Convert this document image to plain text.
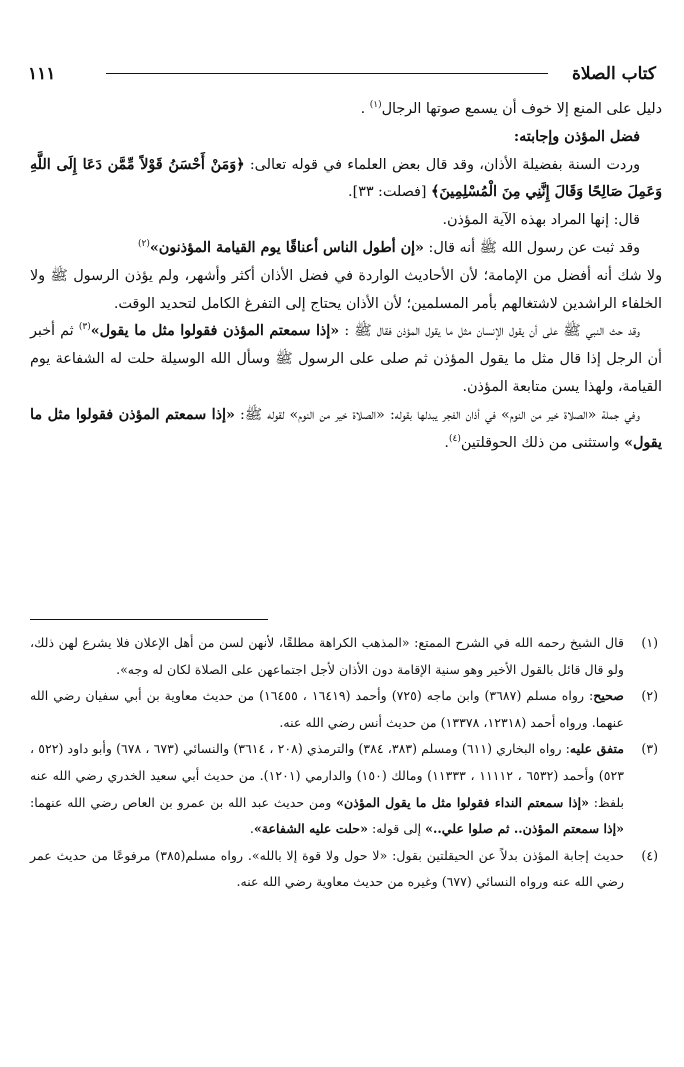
كتاب الصلاة
١١١

دليل على المنع إلا خوف أن يسمع صوتها الرجال$^{(١)}$ .

فضل المؤذن وإجابته:

وردت السنة بفضيلة الأذان، وقد قال بعض العلماء في قوله تعالى: ﴿وَمَنْ أَحْسَنُ قَوْلاً مِّمَّن دَعَا إِلَى اللَّهِ وَعَمِلَ صَالِحًا وَقَالَ إِنَّنِي مِنَ الْمُسْلِمِينَ﴾ [فصلت: ٣٣].

قال: إنها المراد بهذه الآية المؤذن.

وقد ثبت عن رسول الله ﷺ أنه قال: «إن أطول الناس أعناقًا يوم القيامة المؤذنون»$^{(٢)}$

ولا شك أنه أفضل من الإمامة؛ لأن الأحاديث الواردة في فضل الأذان أكثر وأشهر، ولم يؤذن الرسول ﷺ ولا الخلفاء الراشدين لاشتغالهم بأمر المسلمين؛ لأن الأذان يحتاج إلى التفرغ الكامل لتحديد الوقت.

وقد حث النبي ﷺ على أن يقول الإنسان مثل ما يقول المؤذن فقال ﷺ : «إذا سمعتم المؤذن فقولوا مثل ما يقول»$^{(٣)}$ ثم أخبر أن الرجل إذا قال مثل ما يقول المؤذن ثم صلى على الرسول ﷺ وسأل الله الوسيلة حلت له الشفاعة يوم القيامة، ولهذا يسن متابعة المؤذن.

وفي جملة «الصلاة خير من النوم» في أذان الفجر يبدلها بقوله: «الصلاة خير من النوم» لقوله ﷺ: «إذا سمعتم المؤذن فقولوا مثل ما يقول» واستثنى من ذلك الحوقلتين$^{(٤)}$.

(١)
قال الشيخ رحمه الله في الشرح الممتع: «المذهب الكراهة مطلقًا، لأنهن لسن من أهل الإعلان فلا يشرع لهن ذلك، ولو قال قائل بالقول الأخير وهو سنية الإقامة دون الأذان لأجل اجتماعهن على الصلاة لكان له وجه».
(٢)
صحيح: رواه مسلم (٣٦٨٧) وابن ماجه (٧٢٥) وأحمد (١٦٤١٩ ، ١٦٤٥٥) من حديث معاوية بن أبي سفيان رضي الله عنهما. ورواه أحمد (١٢٣١٨، ١٣٣٧٨) من حديث أنس رضي الله عنه.
(٣)
متفق عليه: رواه البخاري (٦١١) ومسلم (٣٨٣، ٣٨٤) والترمذي (٢٠٨ ، ٣٦١٤) والنسائي (٦٧٣ ، ٦٧٨) وأبو داود (٥٢٢ ، ٥٢٣) وأحمد (٦٥٣٢ ، ١١١١٢ ، ١١٣٣٣) ومالك (١٥٠) والدارمي (١٢٠١). من حديث أبي سعيد الخدري رضي الله عنه بلفظ: «إذا سمعتم النداء فقولوا مثل ما يقول المؤذن» ومن حديث عبد الله بن عمرو بن العاص رضي الله عنهما: «إذا سمعتم المؤذن.. ثم صلوا علي..» إلى قوله: «حلت عليه الشفاعة».
(٤)
حديث إجابة المؤذن بدلاً عن الحيقلتين بقول: «لا حول ولا قوة إلا بالله». رواه مسلم(٣٨٥) مرفوعًا من حديث عمر رضي الله عنه ورواه النسائي (٦٧٧) وغيره من حديث معاوية رضي الله عنه.
